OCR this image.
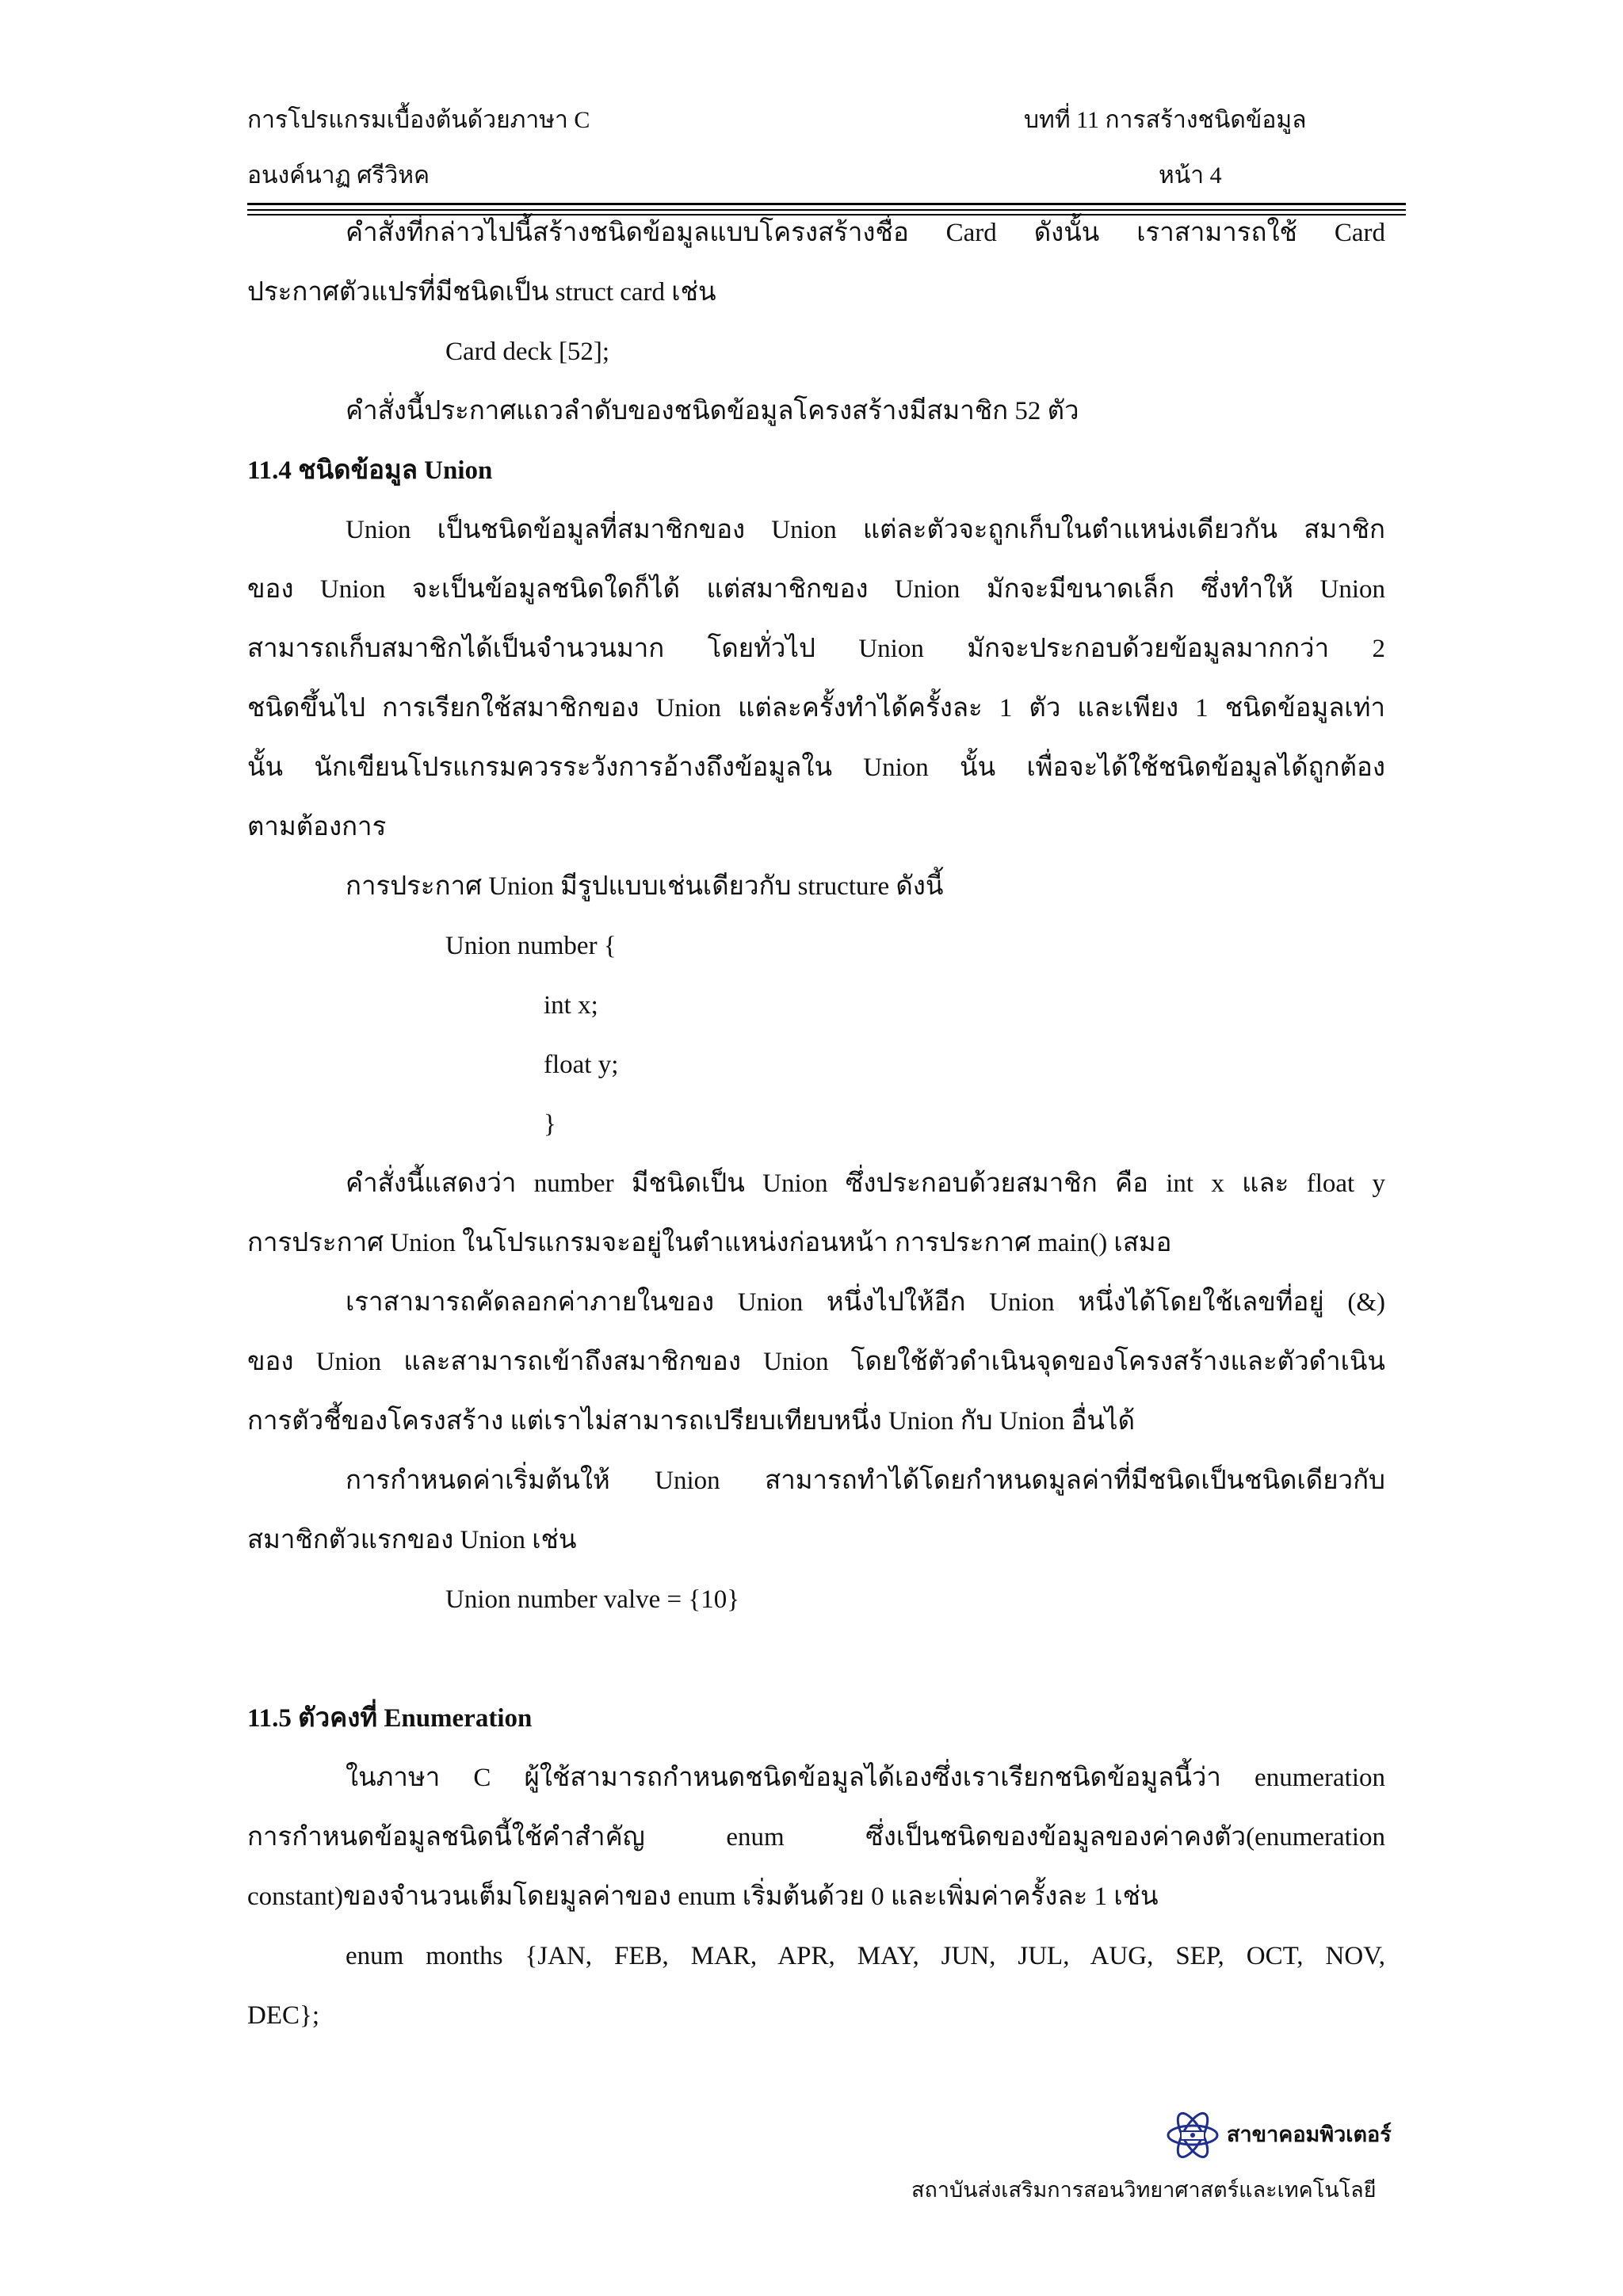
การโปรแกรมเบื้องต้นด้วยภาษา C	บทที่ 11 การสร้างชนิดข้อมูล
อนงค์นาฏ ศรีวิหค	หน้า 4
คำสั่งที่กล่าวไปนี้สร้างชนิดข้อมูลแบบโครงสร้างชื่อ Card ดังนั้น เราสามารถใช้ Card
ประกาศตัวแปรที่มีชนิดเป็น struct card เช่น
Card deck [52];
คำสั่งนี้ประกาศแถวลำดับของชนิดข้อมูลโครงสร้างมีสมาชิก 52 ตัว
11.4 ชนิดข้อมูล Union
Union เป็นชนิดข้อมูลที่สมาชิกของ Union แต่ละตัวจะถูกเก็บในตำแหน่งเดียวกัน สมาชิก
ของ Union จะเป็นข้อมูลชนิดใดก็ได้ แต่สมาชิกของ Union มักจะมีขนาดเล็ก ซึ่งทำให้ Union
สามารถเก็บสมาชิกได้เป็นจำนวนมาก โดยทั่วไป Union มักจะประกอบด้วยข้อมูลมากกว่า 2
ชนิดขึ้นไป การเรียกใช้สมาชิกของ Union แต่ละครั้งทำได้ครั้งละ 1 ตัว และเพียง 1 ชนิดข้อมูลเท่า
นั้น นักเขียนโปรแกรมควรระวังการอ้างถึงข้อมูลใน Union นั้น เพื่อจะได้ใช้ชนิดข้อมูลได้ถูกต้อง
ตามต้องการ
การประกาศ Union มีรูปแบบเช่นเดียวกับ structure ดังนี้
Union number {
int x;
float y;
}
คำสั่งนี้แสดงว่า number มีชนิดเป็น Union ซึ่งประกอบด้วยสมาชิก คือ int x และ float y
การประกาศ Union ในโปรแกรมจะอยู่ในตำแหน่งก่อนหน้า การประกาศ main() เสมอ
เราสามารถคัดลอกค่าภายในของ Union หนึ่งไปให้อีก Union หนึ่งได้โดยใช้เลขที่อยู่ (&)
ของ Union และสามารถเข้าถึงสมาชิกของ Union โดยใช้ตัวดำเนินจุดของโครงสร้างและตัวดำเนิน
การตัวชี้ของโครงสร้าง แต่เราไม่สามารถเปรียบเทียบหนึ่ง Union กับ Union อื่นได้
การกำหนดค่าเริ่มต้นให้ Union สามารถทำได้โดยกำหนดมูลค่าที่มีชนิดเป็นชนิดเดียวกับ
สมาชิกตัวแรกของ Union เช่น
Union number valve = {10}
11.5 ตัวคงที่ Enumeration
ในภาษา C ผู้ใช้สามารถกำหนดชนิดข้อมูลได้เองซึ่งเราเรียกชนิดข้อมูลนี้ว่า enumeration
การกำหนดข้อมูลชนิดนี้ใช้คำสำคัญ enum ซึ่งเป็นชนิดของข้อมูลของค่าคงตัว(enumeration
constant)ของจำนวนเต็มโดยมูลค่าของ enum เริ่มต้นด้วย 0 และเพิ่มค่าครั้งละ 1 เช่น
enum months {JAN, FEB, MAR, APR, MAY, JUN, JUL, AUG, SEP, OCT, NOV,
DEC};
สาขาคอมพิวเตอร์
สถาบันส่งเสริมการสอนวิทยาศาสตร์และเทคโนโลยี
